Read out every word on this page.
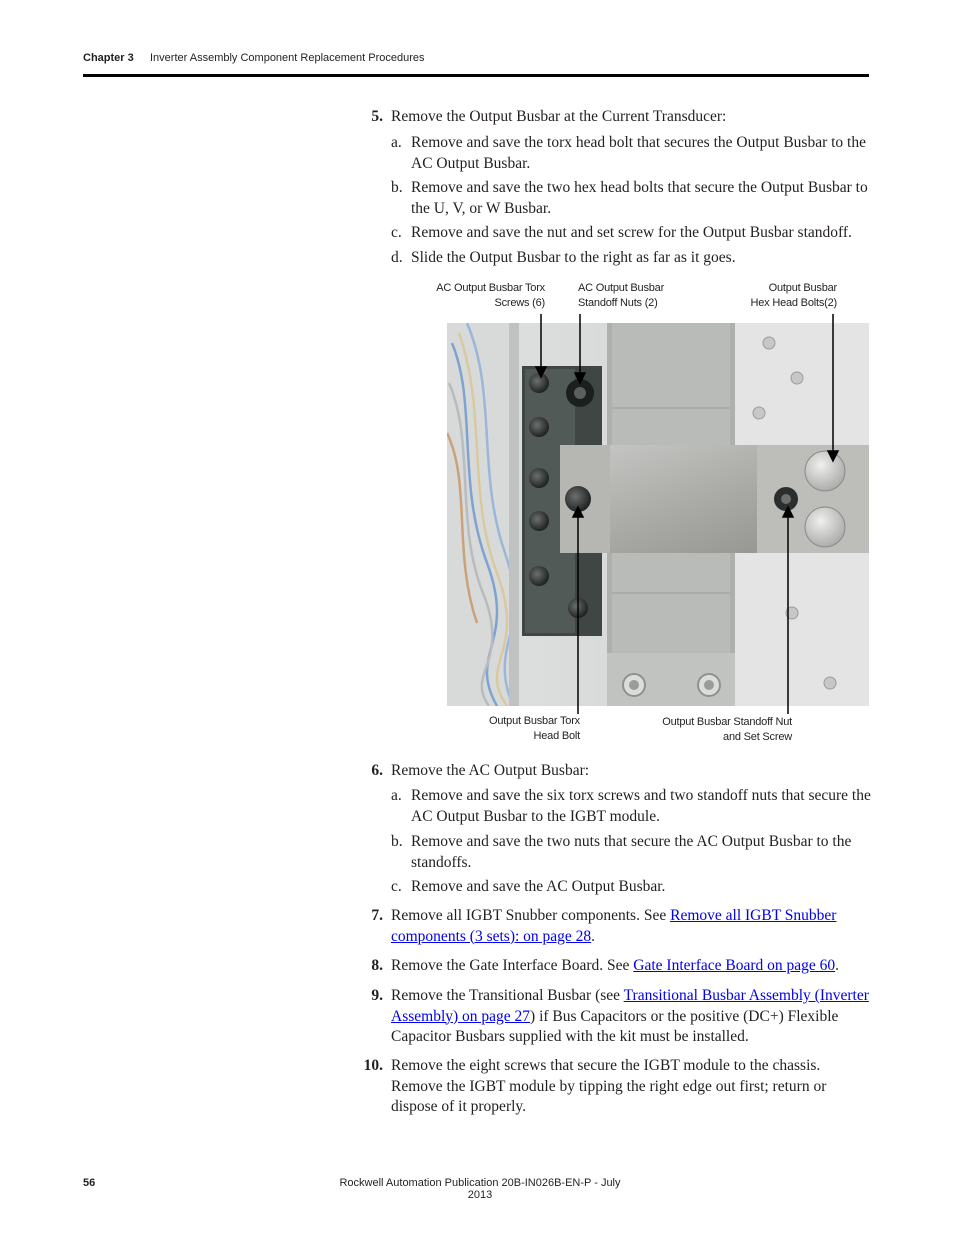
Chapter 3 Inverter Assembly Component Replacement Procedures
5. Remove the Output Busbar at the Current Transducer:
a. Remove and save the torx head bolt that secures the Output Busbar to the AC Output Busbar.
b. Remove and save the two hex head bolts that secure the Output Busbar to the U, V, or W Busbar.
c. Remove and save the nut and set screw for the Output Busbar standoff.
d. Slide the Output Busbar to the right as far as it goes.
6. Remove the AC Output Busbar:
a. Remove and save the six torx screws and two standoff nuts that secure the AC Output Busbar to the IGBT module.
b. Remove and save the two nuts that secure the AC Output Busbar to the standoffs.
c. Remove and save the AC Output Busbar.
7. Remove all IGBT Snubber components. See Remove all IGBT Snubber components (3 sets): on page 28.
8. Remove the Gate Interface Board. See Gate Interface Board on page 60.
9. Remove the Transitional Busbar (see Transitional Busbar Assembly (Inverter Assembly) on page 27) if Bus Capacitors or the positive (DC+) Flexible Capacitor Busbars supplied with the kit must be installed.
10. Remove the eight screws that secure the IGBT module to the chassis. Remove the IGBT module by tipping the right edge out first; return or dispose of it properly.
AC Output Busbar Torx
Screws (6)
AC Output Busbar
Standoff Nuts (2)
Output Busbar
Hex Head Bolts(2)
Output Busbar Torx
Head Bolt
Output Busbar Standoff Nut
and Set Screw
56	Rockwell Automation Publication 20B-IN026B-EN-P - July 2013
